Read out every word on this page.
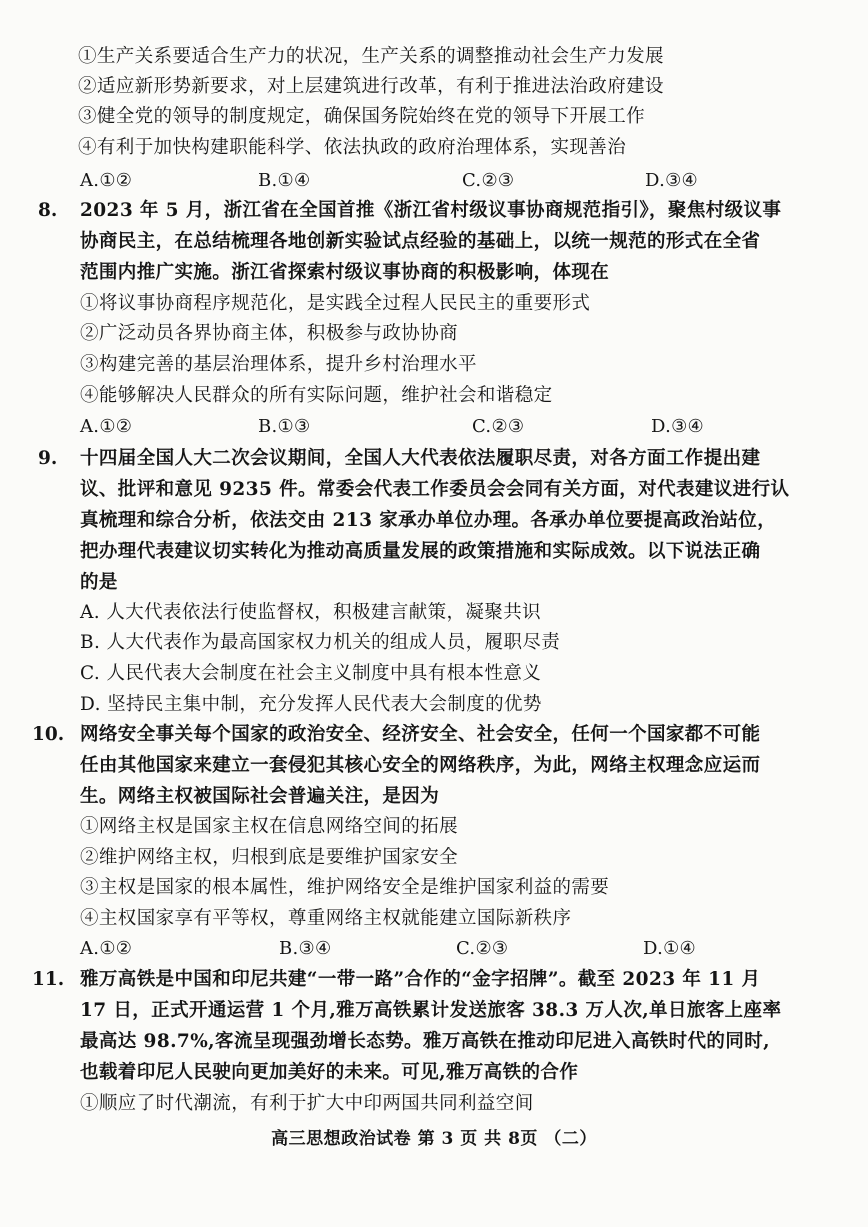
①生产关系要适合生产力的状况，生产关系的调整推动社会生产力发展
②适应新形势新要求，对上层建筑进行改革，有利于推进法治政府建设
③健全党的领导的制度规定，确保国务院始终在党的领导下开展工作
④有利于加快构建职能科学、依法执政的政府治理体系，实现善治
A.①②	B.①④	C.②③	D.③④
8. 2023 年 5 月，浙江省在全国首推《浙江省村级议事协商规范指引》，聚焦村级议事
协商民主，在总结梳理各地创新实验试点经验的基础上，以统一规范的形式在全省
范围内推广实施。浙江省探索村级议事协商的积极影响，体现在
①将议事协商程序规范化，是实践全过程人民民主的重要形式
②广泛动员各界协商主体，积极参与政协协商
③构建完善的基层治理体系，提升乡村治理水平
④能够解决人民群众的所有实际问题，维护社会和谐稳定
A.①②	B.①③	C.②③	D.③④
9. 十四届全国人大二次会议期间，全国人大代表依法履职尽责，对各方面工作提出建
议、批评和意见 9235 件。常委会代表工作委员会会同有关方面，对代表建议进行认
真梳理和综合分析，依法交由 213 家承办单位办理。各承办单位要提高政治站位，
把办理代表建议切实转化为推动高质量发展的政策措施和实际成效。以下说法正确
的是
A. 人大代表依法行使监督权，积极建言献策，凝聚共识
B. 人大代表作为最高国家权力机关的组成人员，履职尽责
C. 人民代表大会制度在社会主义制度中具有根本性意义
D. 坚持民主集中制，充分发挥人民代表大会制度的优势
10. 网络安全事关每个国家的政治安全、经济安全、社会安全，任何一个国家都不可能
任由其他国家来建立一套侵犯其核心安全的网络秩序，为此，网络主权理念应运而
生。网络主权被国际社会普遍关注，是因为
①网络主权是国家主权在信息网络空间的拓展
②维护网络主权，归根到底是要维护国家安全
③主权是国家的根本属性，维护网络安全是维护国家利益的需要
④主权国家享有平等权，尊重网络主权就能建立国际新秩序
A.①②	B.③④	C.②③	D.①④
11. 雅万高铁是中国和印尼共建“一带一路”合作的“金字招牌”。截至 2023 年 11 月
17 日，正式开通运营 1 个月,雅万高铁累计发送旅客 38.3 万人次,单日旅客上座率
最高达 98.7%,客流呈现强劲增长态势。雅万高铁在推动印尼进入高铁时代的同时,
也载着印尼人民驶向更加美好的未来。可见,雅万高铁的合作
①顺应了时代潮流，有利于扩大中印两国共同利益空间
高三思想政治试卷 第 3 页 共 8页 （二）
